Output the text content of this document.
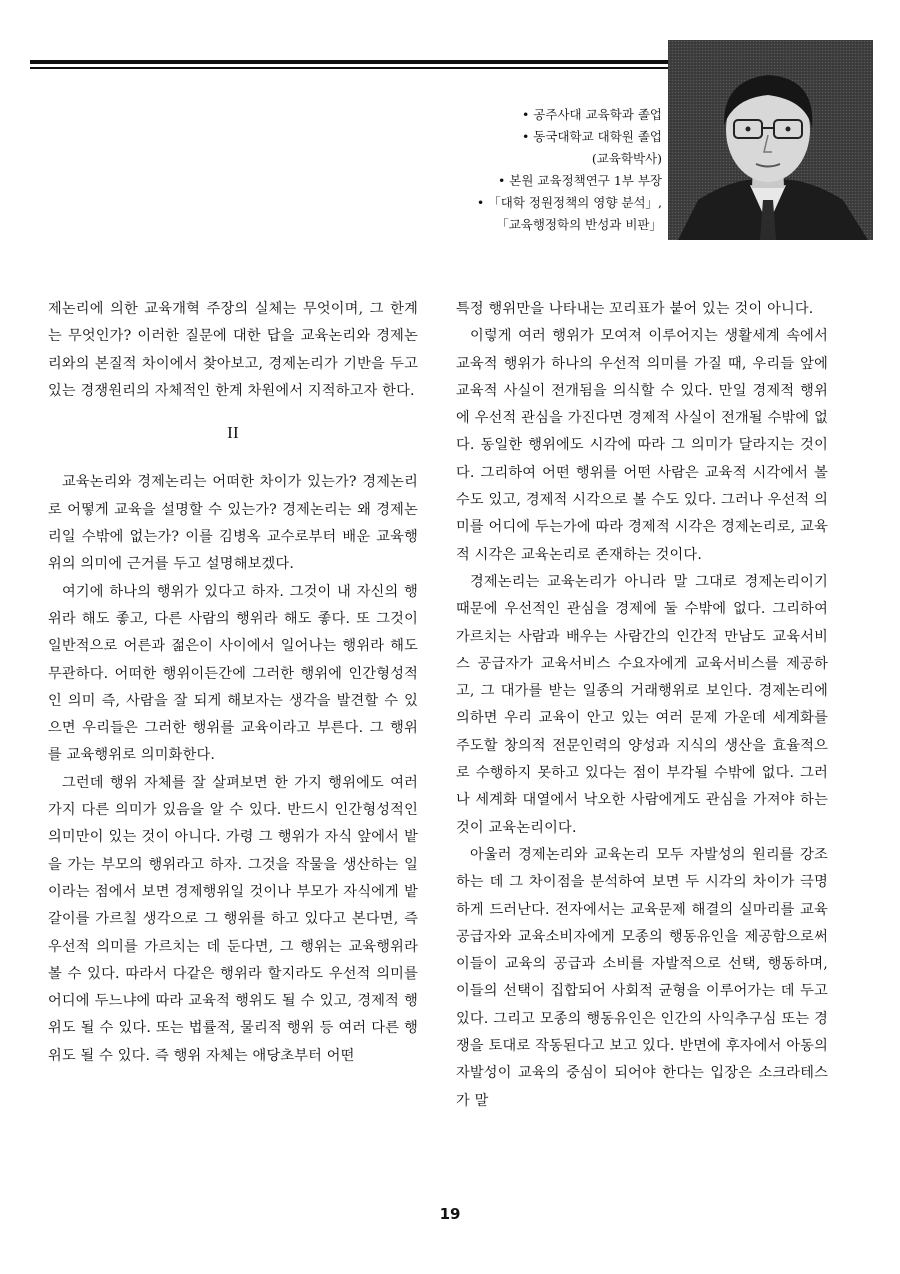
• 공주사대 교육학과 졸업
• 동국대학교 대학원 졸업
(교육학박사)
• 본원 교육정책연구 1부 부장
• 「대학 정원정책의 영향 분석」,
「교육행정학의 반성과 비판」

제논리에 의한 교육개혁 주장의 실체는 무엇이며, 그 한계는 무엇인가? 이러한 질문에 대한 답을 교육논리와 경제논리와의 본질적 차이에서 찾아보고, 경제논리가 기반을 두고 있는 경쟁원리의 자체적인 한계 차원에서 지적하고자 한다.

II

교육논리와 경제논리는 어떠한 차이가 있는가? 경제논리로 어떻게 교육을 설명할 수 있는가? 경제논리는 왜 경제논리일 수밖에 없는가? 이를 김병옥 교수로부터 배운 교육행위의 의미에 근거를 두고 설명해보겠다.

여기에 하나의 행위가 있다고 하자. 그것이 내 자신의 행위라 해도 좋고, 다른 사람의 행위라 해도 좋다. 또 그것이 일반적으로 어른과 젊은이 사이에서 일어나는 행위라 해도 무관하다. 어떠한 행위이든간에 그러한 행위에 인간형성적인 의미 즉, 사람을 잘 되게 해보자는 생각을 발견할 수 있으면 우리들은 그러한 행위를 교육이라고 부른다. 그 행위를 교육행위로 의미화한다.

그런데 행위 자체를 잘 살펴보면 한 가지 행위에도 여러 가지 다른 의미가 있음을 알 수 있다. 반드시 인간형성적인 의미만이 있는 것이 아니다. 가령 그 행위가 자식 앞에서 밭을 가는 부모의 행위라고 하자. 그것을 작물을 생산하는 일이라는 점에서 보면 경제행위일 것이나 부모가 자식에게 밭갈이를 가르칠 생각으로 그 행위를 하고 있다고 본다면, 즉 우선적 의미를 가르치는 데 둔다면, 그 행위는 교육행위라 볼 수 있다. 따라서 다같은 행위라 할지라도 우선적 의미를 어디에 두느냐에 따라 교육적 행위도 될 수 있고, 경제적 행위도 될 수 있다. 또는 법률적, 물리적 행위 등 여러 다른 행위도 될 수 있다. 즉 행위 자체는 애당초부터 어떤

특정 행위만을 나타내는 꼬리표가 붙어 있는 것이 아니다.

이렇게 여러 행위가 모여져 이루어지는 생활세계 속에서 교육적 행위가 하나의 우선적 의미를 가질 때, 우리들 앞에 교육적 사실이 전개됨을 의식할 수 있다. 만일 경제적 행위에 우선적 관심을 가진다면 경제적 사실이 전개될 수밖에 없다. 동일한 행위에도 시각에 따라 그 의미가 달라지는 것이다. 그리하여 어떤 행위를 어떤 사람은 교육적 시각에서 볼 수도 있고, 경제적 시각으로 볼 수도 있다. 그러나 우선적 의미를 어디에 두는가에 따라 경제적 시각은 경제논리로, 교육적 시각은 교육논리로 존재하는 것이다.

경제논리는 교육논리가 아니라 말 그대로 경제논리이기 때문에 우선적인 관심을 경제에 둘 수밖에 없다. 그리하여 가르치는 사람과 배우는 사람간의 인간적 만남도 교육서비스 공급자가 교육서비스 수요자에게 교육서비스를 제공하고, 그 대가를 받는 일종의 거래행위로 보인다. 경제논리에 의하면 우리 교육이 안고 있는 여러 문제 가운데 세계화를 주도할 창의적 전문인력의 양성과 지식의 생산을 효율적으로 수행하지 못하고 있다는 점이 부각될 수밖에 없다. 그러나 세계화 대열에서 낙오한 사람에게도 관심을 가져야 하는 것이 교육논리이다.

아울러 경제논리와 교육논리 모두 자발성의 원리를 강조하는 데 그 차이점을 분석하여 보면 두 시각의 차이가 극명하게 드러난다. 전자에서는 교육문제 해결의 실마리를 교육공급자와 교육소비자에게 모종의 행동유인을 제공함으로써 이들이 교육의 공급과 소비를 자발적으로 선택, 행동하며, 이들의 선택이 집합되어 사회적 균형을 이루어가는 데 두고 있다. 그리고 모종의 행동유인은 인간의 사익추구심 또는 경쟁을 토대로 작동된다고 보고 있다. 반면에 후자에서 아동의 자발성이 교육의 중심이 되어야 한다는 입장은 소크라테스가 말

19
